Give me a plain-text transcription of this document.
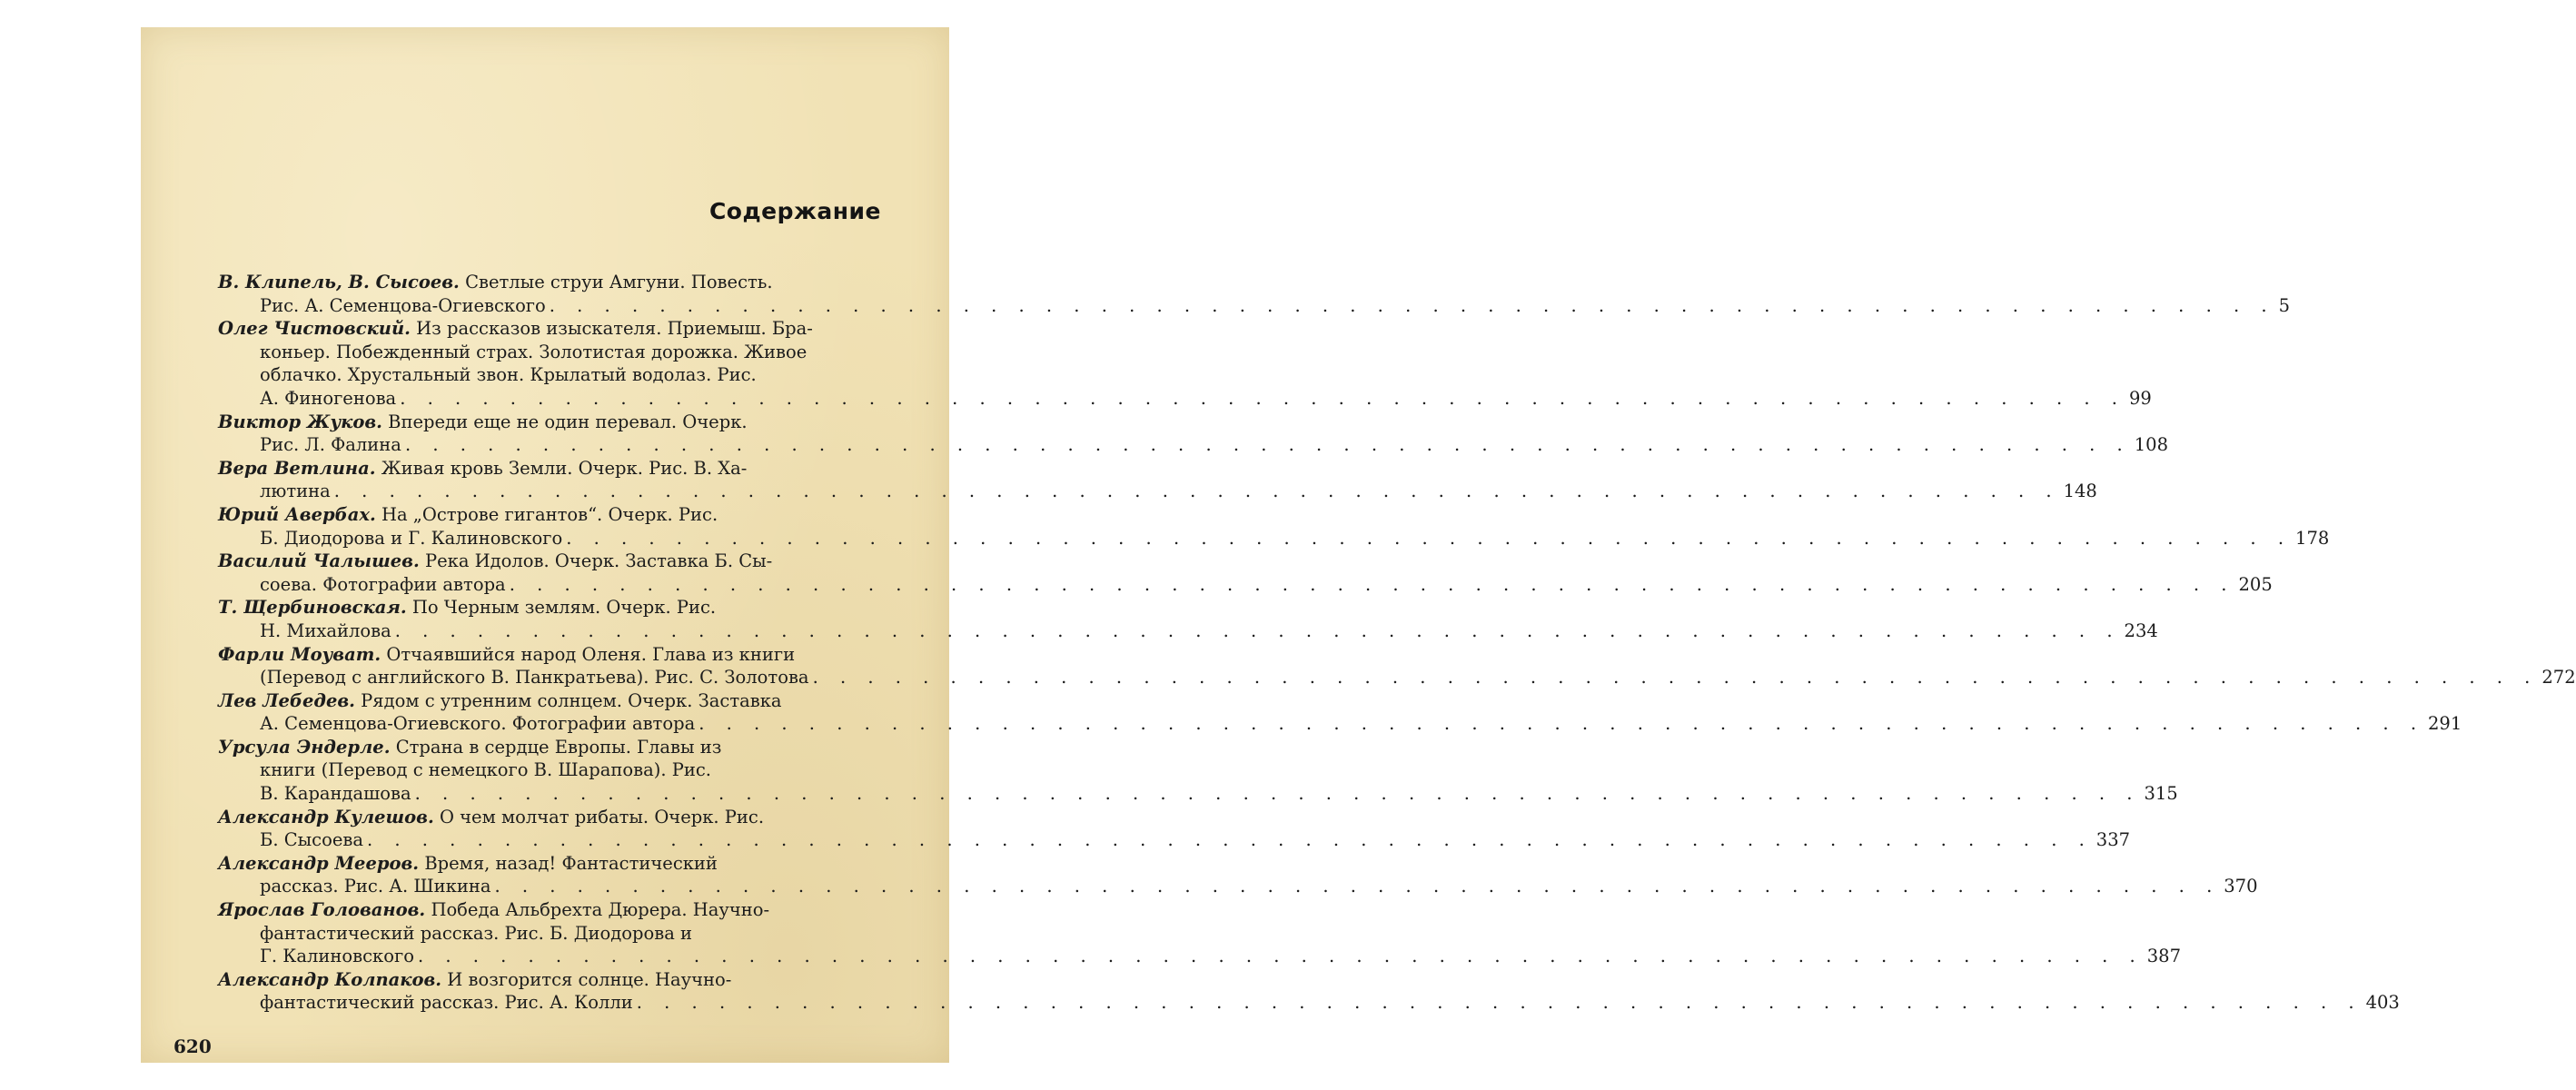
Содержание
В. Клипель, В. Сысоев. Светлые струи Амгуни. Повесть.
Рис. А. Семенцова-Огиевского . . .	5
Олег Чистовский. Из рассказов изыскателя. Приемыш. Бра-
коньер. Побежденный страх. Золотистая дорожка. Живое
облачко. Хрустальный звон. Крылатый водолаз. Рис.
А. Финогенова . . .	99
Виктор Жуков. Впереди еще не один перевал. Очерк.
Рис. Л. Фалина . . .	108
Вера Ветлина. Живая кровь Земли. Очерк. Рис. В. Ха-
лютина . . .	148
Юрий Авербах. На „Острове гигантов“. Очерк. Рис.
Б. Диодорова и Г. Калиновского . . .	178
Василий Чалышев. Река Идолов. Очерк. Заставка Б. Сы-
соева. Фотографии автора . . .	205
Т. Щербиновская. По Черным землям. Очерк. Рис.
Н. Михайлова . . .	234
Фарли Моуват. Отчаявшийся народ Оленя. Глава из книги
(Перевод с английского В. Панкратьева). Рис. С. Золотова . . .	272
Лев Лебедев. Рядом с утренним солнцем. Очерк. Заставка
А. Семенцова-Огиевского. Фотографии автора . . .	291
Урсула Эндерле. Страна в сердце Европы. Главы из
книги (Перевод с немецкого В. Шарапова). Рис.
В. Карандашова . . .	315
Александр Кулешов. О чем молчат рибаты. Очерк. Рис.
Б. Сысоева . . .	337
Александр Мееров. Время, назад! Фантастический
рассказ. Рис. А. Шикина . . .	370
Ярослав Голованов. Победа Альбрехта Дюрера. Научно-
фантастический рассказ. Рис. Б. Диодорова и
Г. Калиновского . . .	387
Александр Колпаков. И возгорится солнце. Научно-
фантастический рассказ. Рис. А. Колли . . .	403
620
